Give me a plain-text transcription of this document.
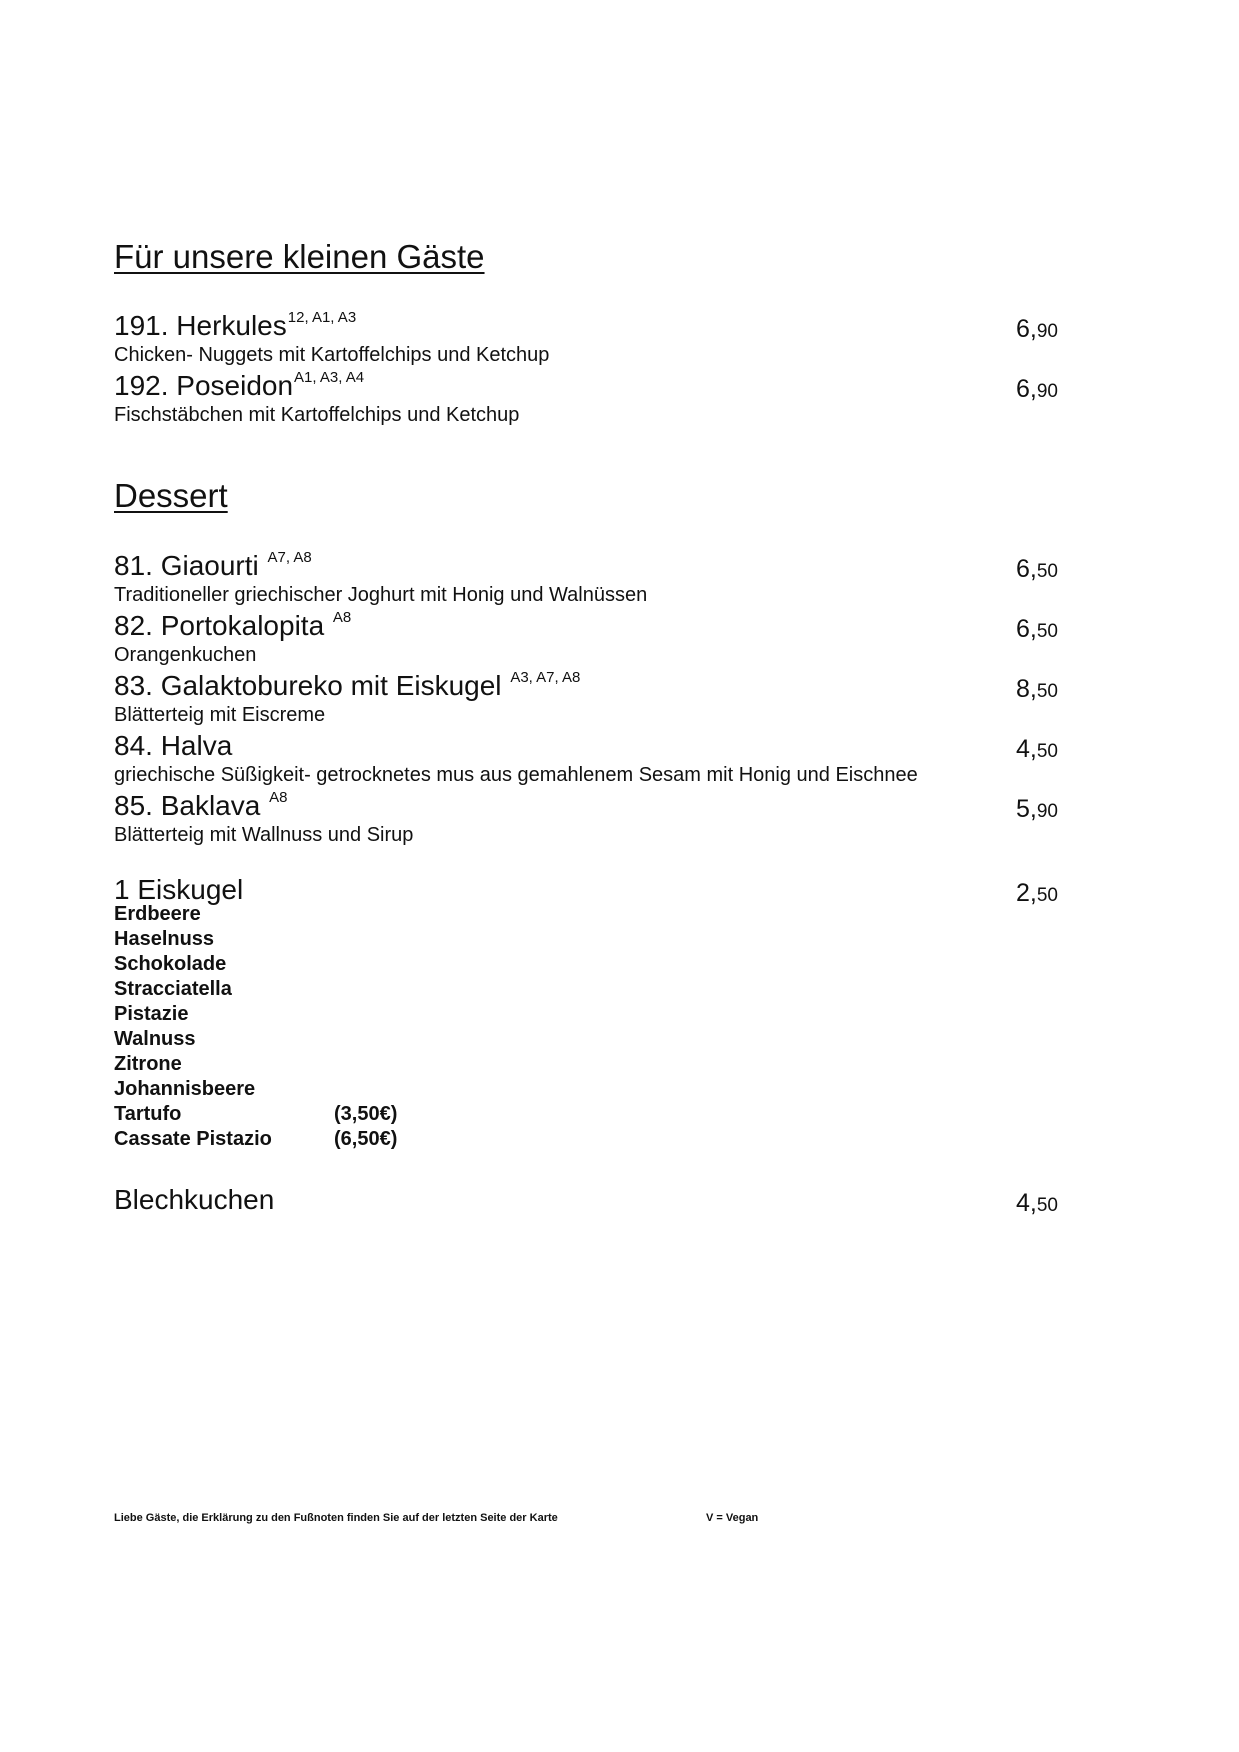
Für unsere kleinen Gäste
191. Herkules$^{12, A1, A3}$
Chicken- Nuggets mit Kartoffelchips und Ketchup
6,90
192. Poseidon$^{A1, A3, A4}$
Fischstäbchen mit Kartoffelchips und Ketchup
6,90
Dessert
81. Giaourti $^{A7, A8}$
Traditioneller griechischer Joghurt mit Honig und Walnüssen
6,50
82. Portokalopita $^{A8}$
Orangenkuchen
6,50
83. Galaktobureko mit Eiskugel $^{A3, A7, A8}$
Blätterteig mit Eiscreme
8,50
84. Halva
griechische Süßigkeit- getrocknetes mus aus gemahlenem Sesam mit Honig und Eischnee
4,50
85. Baklava $^{A8}$
Blätterteig mit Wallnuss und Sirup
5,90
1 Eiskugel	2,50
Erdbeere
Haselnuss
Schokolade
Stracciatella
Pistazie
Walnuss
Zitrone
Johannisbeere
Tartufo	(3,50€)
Cassate Pistazio	(6,50€)
Blechkuchen	4,50
Liebe Gäste, die Erklärung zu den Fußnoten finden Sie auf der letzten Seite der Karte	V = Vegan
